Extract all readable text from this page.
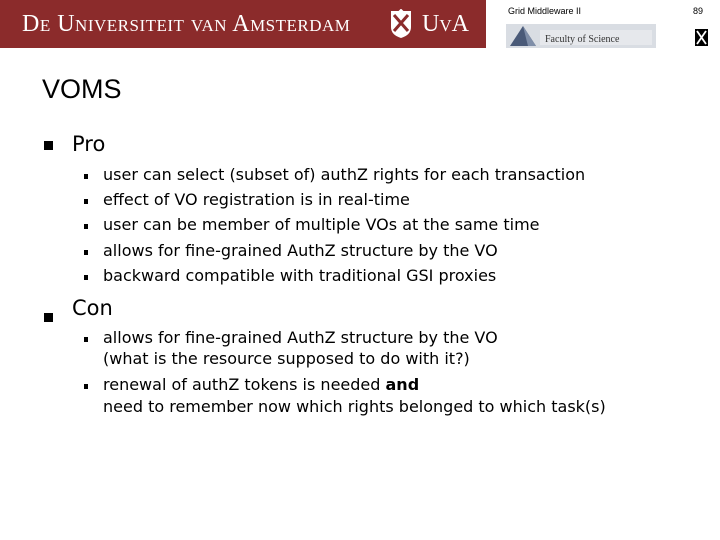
De Universiteit van Amsterdam	UvA	Grid Middleware II	89
Faculty of Science
VOMS
Pro
user can select (subset of) authZ rights for each transaction
effect of VO registration is in real-time
user can be member of multiple VOs at the same time
allows for fine-grained AuthZ structure by the VO
backward compatible with traditional GSI proxies
Con
allows for fine-grained AuthZ structure by the VO
(what is the resource supposed to do with it?)
renewal of authZ tokens is needed and
need to remember now which rights belonged to which task(s)
